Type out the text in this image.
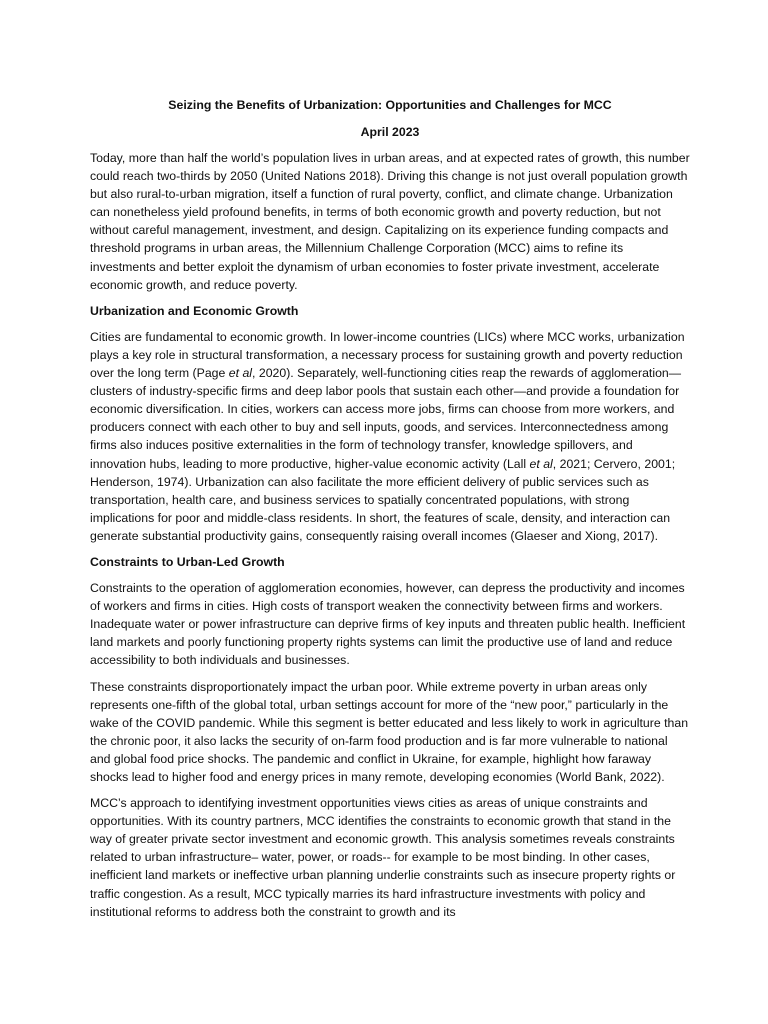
Seizing the Benefits of Urbanization: Opportunities and Challenges for MCC

April 2023

Today, more than half the world’s population lives in urban areas, and at expected rates of growth, this number could reach two-thirds by 2050 (United Nations 2018). Driving this change is not just overall population growth but also rural-to-urban migration, itself a function of rural poverty, conflict, and climate change. Urbanization can nonetheless yield profound benefits, in terms of both economic growth and poverty reduction, but not without careful management, investment, and design. Capitalizing on its experience funding compacts and threshold programs in urban areas, the Millennium Challenge Corporation (MCC) aims to refine its investments and better exploit the dynamism of urban economies to foster private investment, accelerate economic growth, and reduce poverty.

Urbanization and Economic Growth

Cities are fundamental to economic growth. In lower-income countries (LICs) where MCC works, urbanization plays a key role in structural transformation, a necessary process for sustaining growth and poverty reduction over the long term (Page et al, 2020). Separately, well-functioning cities reap the rewards of agglomeration—clusters of industry-specific firms and deep labor pools that sustain each other—and provide a foundation for economic diversification. In cities, workers can access more jobs, firms can choose from more workers, and producers connect with each other to buy and sell inputs, goods, and services. Interconnectedness among firms also induces positive externalities in the form of technology transfer, knowledge spillovers, and innovation hubs, leading to more productive, higher-value economic activity (Lall et al, 2021; Cervero, 2001; Henderson, 1974). Urbanization can also facilitate the more efficient delivery of public services such as transportation, health care, and business services to spatially concentrated populations, with strong implications for poor and middle-class residents. In short, the features of scale, density, and interaction can generate substantial productivity gains, consequently raising overall incomes (Glaeser and Xiong, 2017).

Constraints to Urban-Led Growth

Constraints to the operation of agglomeration economies, however, can depress the productivity and incomes of workers and firms in cities. High costs of transport weaken the connectivity between firms and workers. Inadequate water or power infrastructure can deprive firms of key inputs and threaten public health. Inefficient land markets and poorly functioning property rights systems can limit the productive use of land and reduce accessibility to both individuals and businesses.

These constraints disproportionately impact the urban poor. While extreme poverty in urban areas only represents one-fifth of the global total, urban settings account for more of the “new poor,” particularly in the wake of the COVID pandemic. While this segment is better educated and less likely to work in agriculture than the chronic poor, it also lacks the security of on-farm food production and is far more vulnerable to national and global food price shocks. The pandemic and conflict in Ukraine, for example, highlight how faraway shocks lead to higher food and energy prices in many remote, developing economies (World Bank, 2022).

MCC’s approach to identifying investment opportunities views cities as areas of unique constraints and opportunities. With its country partners, MCC identifies the constraints to economic growth that stand in the way of greater private sector investment and economic growth. This analysis sometimes reveals constraints related to urban infrastructure– water, power, or roads-- for example to be most binding. In other cases, inefficient land markets or ineffective urban planning underlie constraints such as insecure property rights or traffic congestion. As a result, MCC typically marries its hard infrastructure investments with policy and institutional reforms to address both the constraint to growth and its
